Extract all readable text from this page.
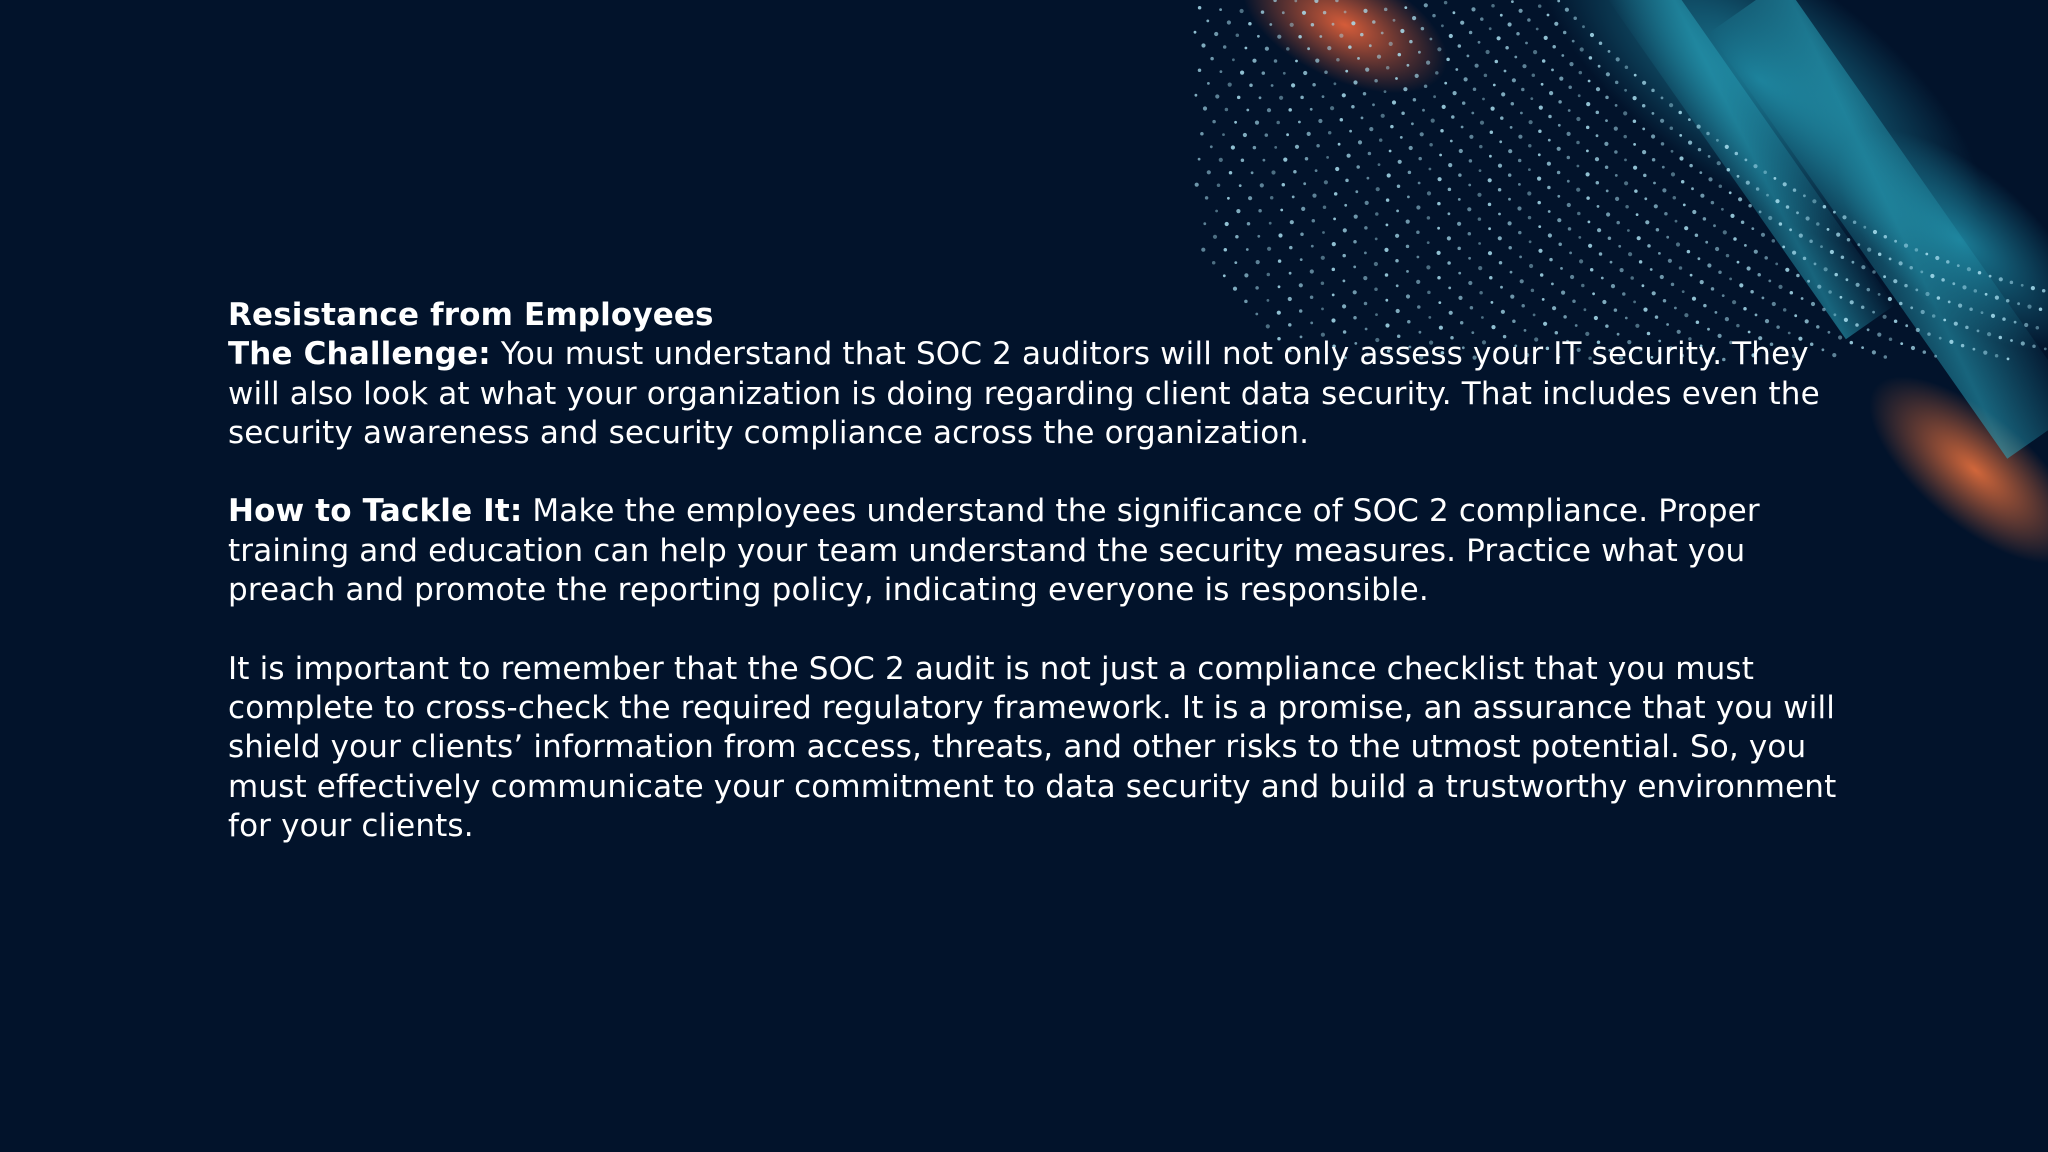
Resistance from Employees

The Challenge: You must understand that SOC 2 auditors will not only assess your IT security. They will also look at what your organization is doing regarding client data security. That includes even the security awareness and security compliance across the organization.

How to Tackle It: Make the employees understand the significance of SOC 2 compliance. Proper training and education can help your team understand the security measures. Practice what you preach and promote the reporting policy, indicating everyone is responsible.

It is important to remember that the SOC 2 audit is not just a compliance checklist that you must complete to cross-check the required regulatory framework. It is a promise, an assurance that you will shield your clients’ information from access, threats, and other risks to the utmost potential. So, you must effectively communicate your commitment to data security and build a trustworthy environment for your clients.
